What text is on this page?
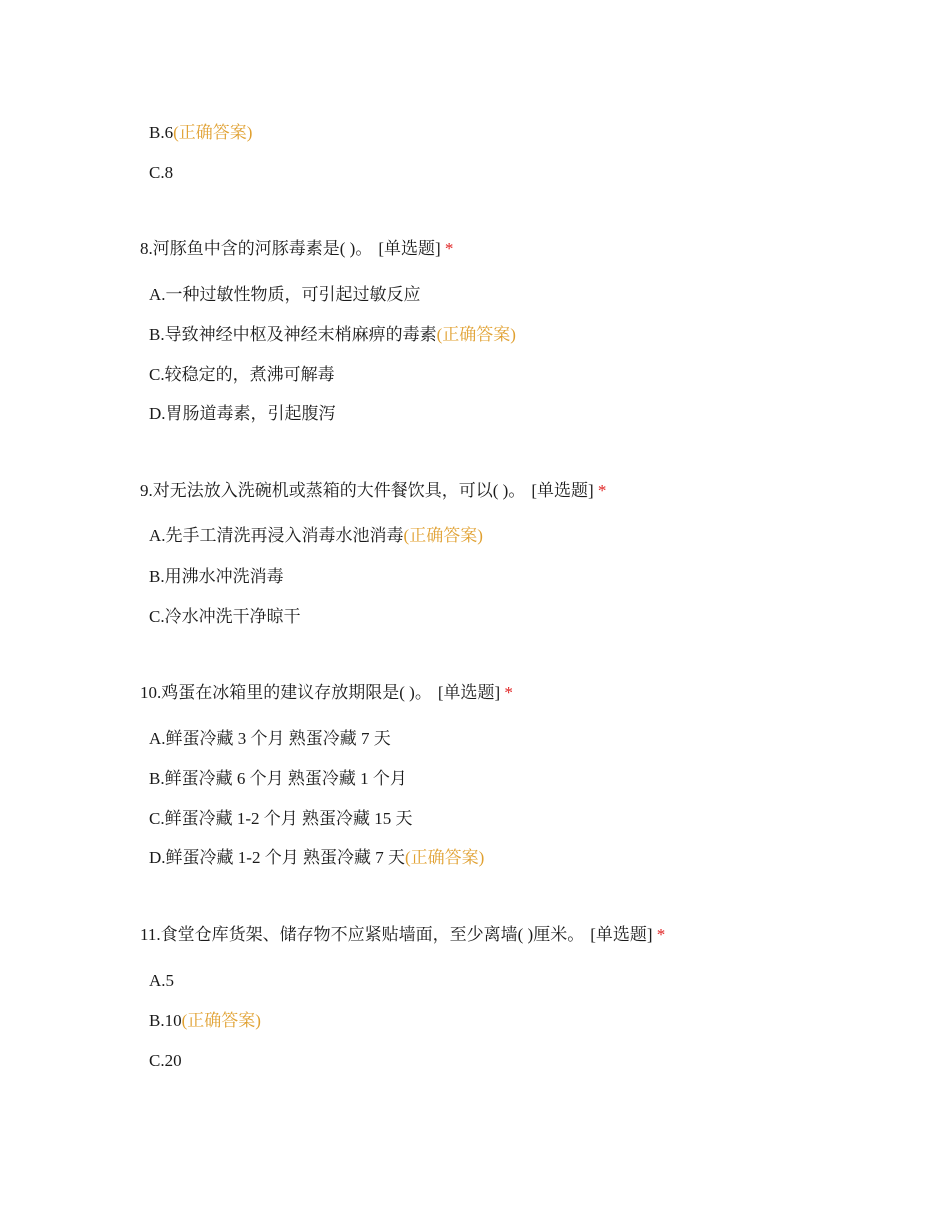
B.6(正确答案)
C.8
8.河豚鱼中含的河豚毒素是( )。 [单选题] *
A.一种过敏性物质，可引起过敏反应
B.导致神经中枢及神经末梢麻痹的毒素(正确答案)
C.较稳定的，煮沸可解毒
D.胃肠道毒素，引起腹泻
9.对无法放入洗碗机或蒸箱的大件餐饮具，可以( )。 [单选题] *
A.先手工清洗再浸入消毒水池消毒(正确答案)
B.用沸水冲洗消毒
C.冷水冲洗干净晾干
10.鸡蛋在冰箱里的建议存放期限是( )。 [单选题] *
A.鲜蛋冷藏 3 个月 熟蛋冷藏 7 天
B.鲜蛋冷藏 6 个月 熟蛋冷藏 1 个月
C.鲜蛋冷藏 1-2 个月 熟蛋冷藏 15 天
D.鲜蛋冷藏 1-2 个月 熟蛋冷藏 7 天(正确答案)
11.食堂仓库货架、储存物不应紧贴墙面，至少离墙( )厘米。 [单选题] *
A.5
B.10(正确答案)
C.20
